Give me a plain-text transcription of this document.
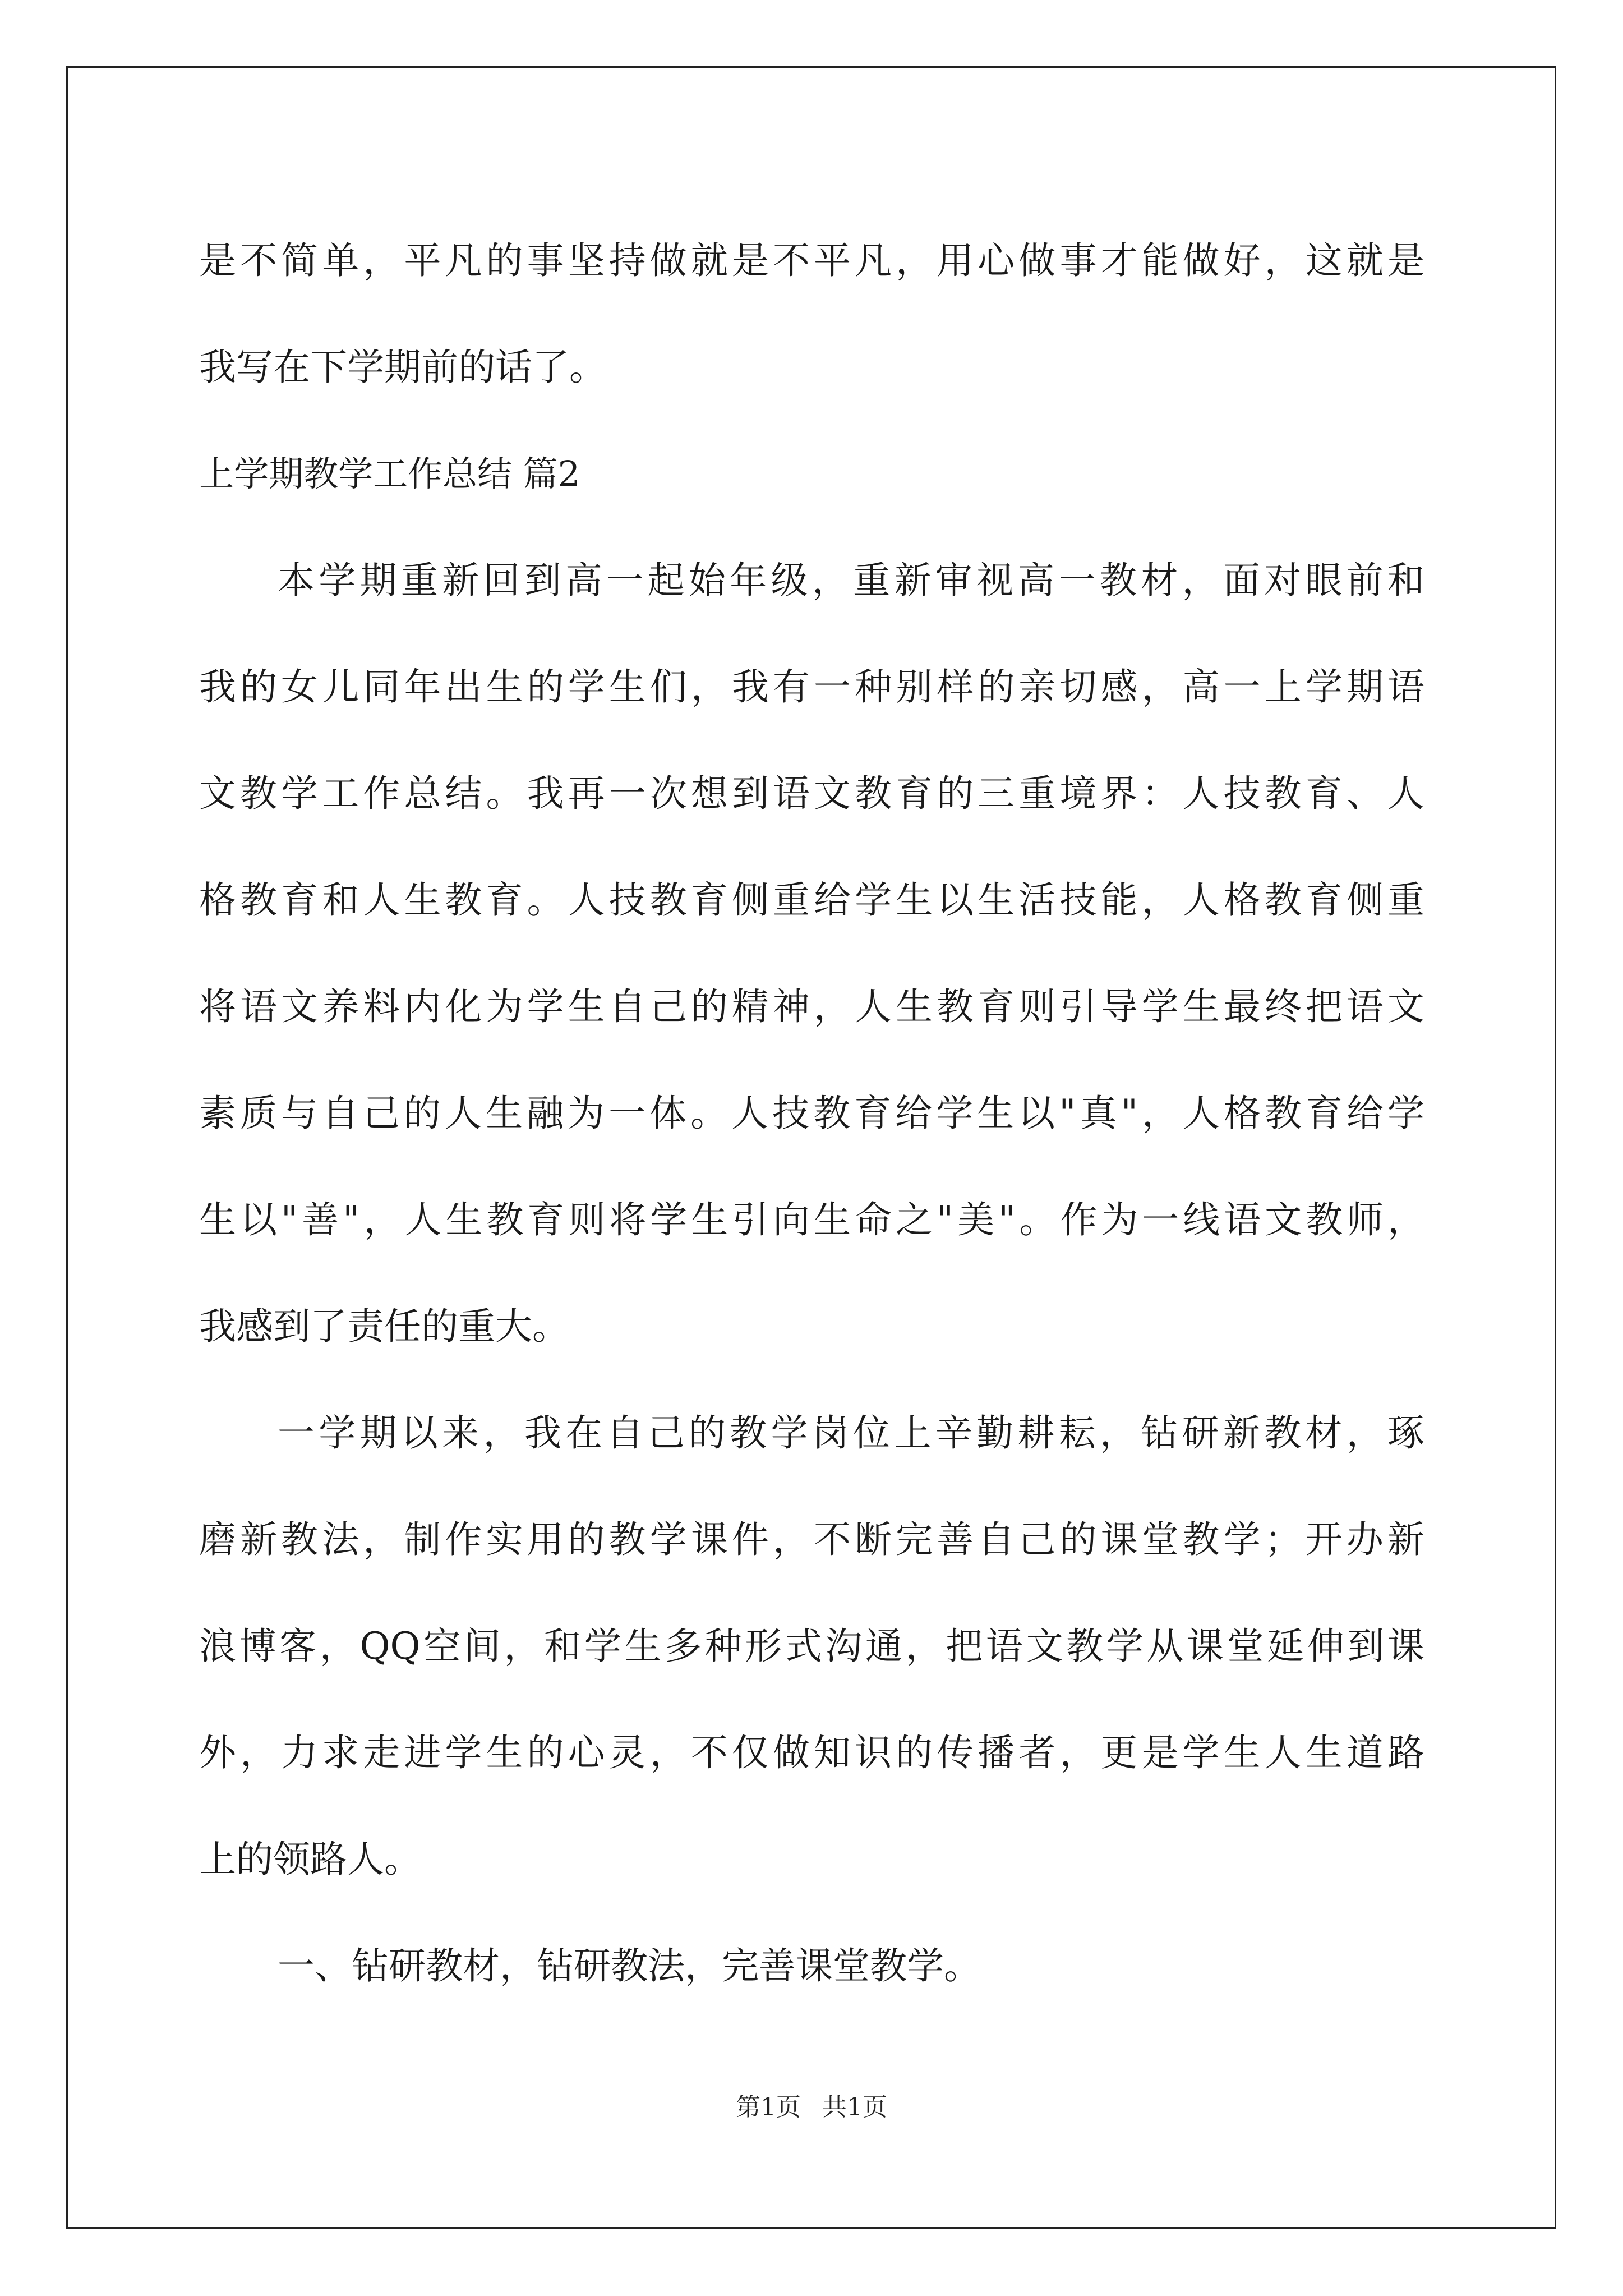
是不简单，平凡的事坚持做就是不平凡，用心做事才能做好，这就是
我写在下学期前的话了。
上学期教学工作总结 篇2
本学期重新回到高一起始年级，重新审视高一教材，面对眼前和
我的女儿同年出生的学生们，我有一种别样的亲切感，高一上学期语
文教学工作总结。我再一次想到语文教育的三重境界：人技教育、人
格教育和人生教育。人技教育侧重给学生以生活技能，人格教育侧重
将语文养料内化为学生自己的精神，人生教育则引导学生最终把语文
素质与自己的人生融为一体。人技教育给学生以"真"，人格教育给学
生以"善"，人生教育则将学生引向生命之"美"。作为一线语文教师，
我感到了责任的重大。
一学期以来，我在自己的教学岗位上辛勤耕耘，钻研新教材，琢
磨新教法，制作实用的教学课件，不断完善自己的课堂教学；开办新
浪博客，QQ空间，和学生多种形式沟通，把语文教学从课堂延伸到课
外，力求走进学生的心灵，不仅做知识的传播者，更是学生人生道路
上的领路人。
一、钻研教材，钻研教法，完善课堂教学。
第1页 共1页
